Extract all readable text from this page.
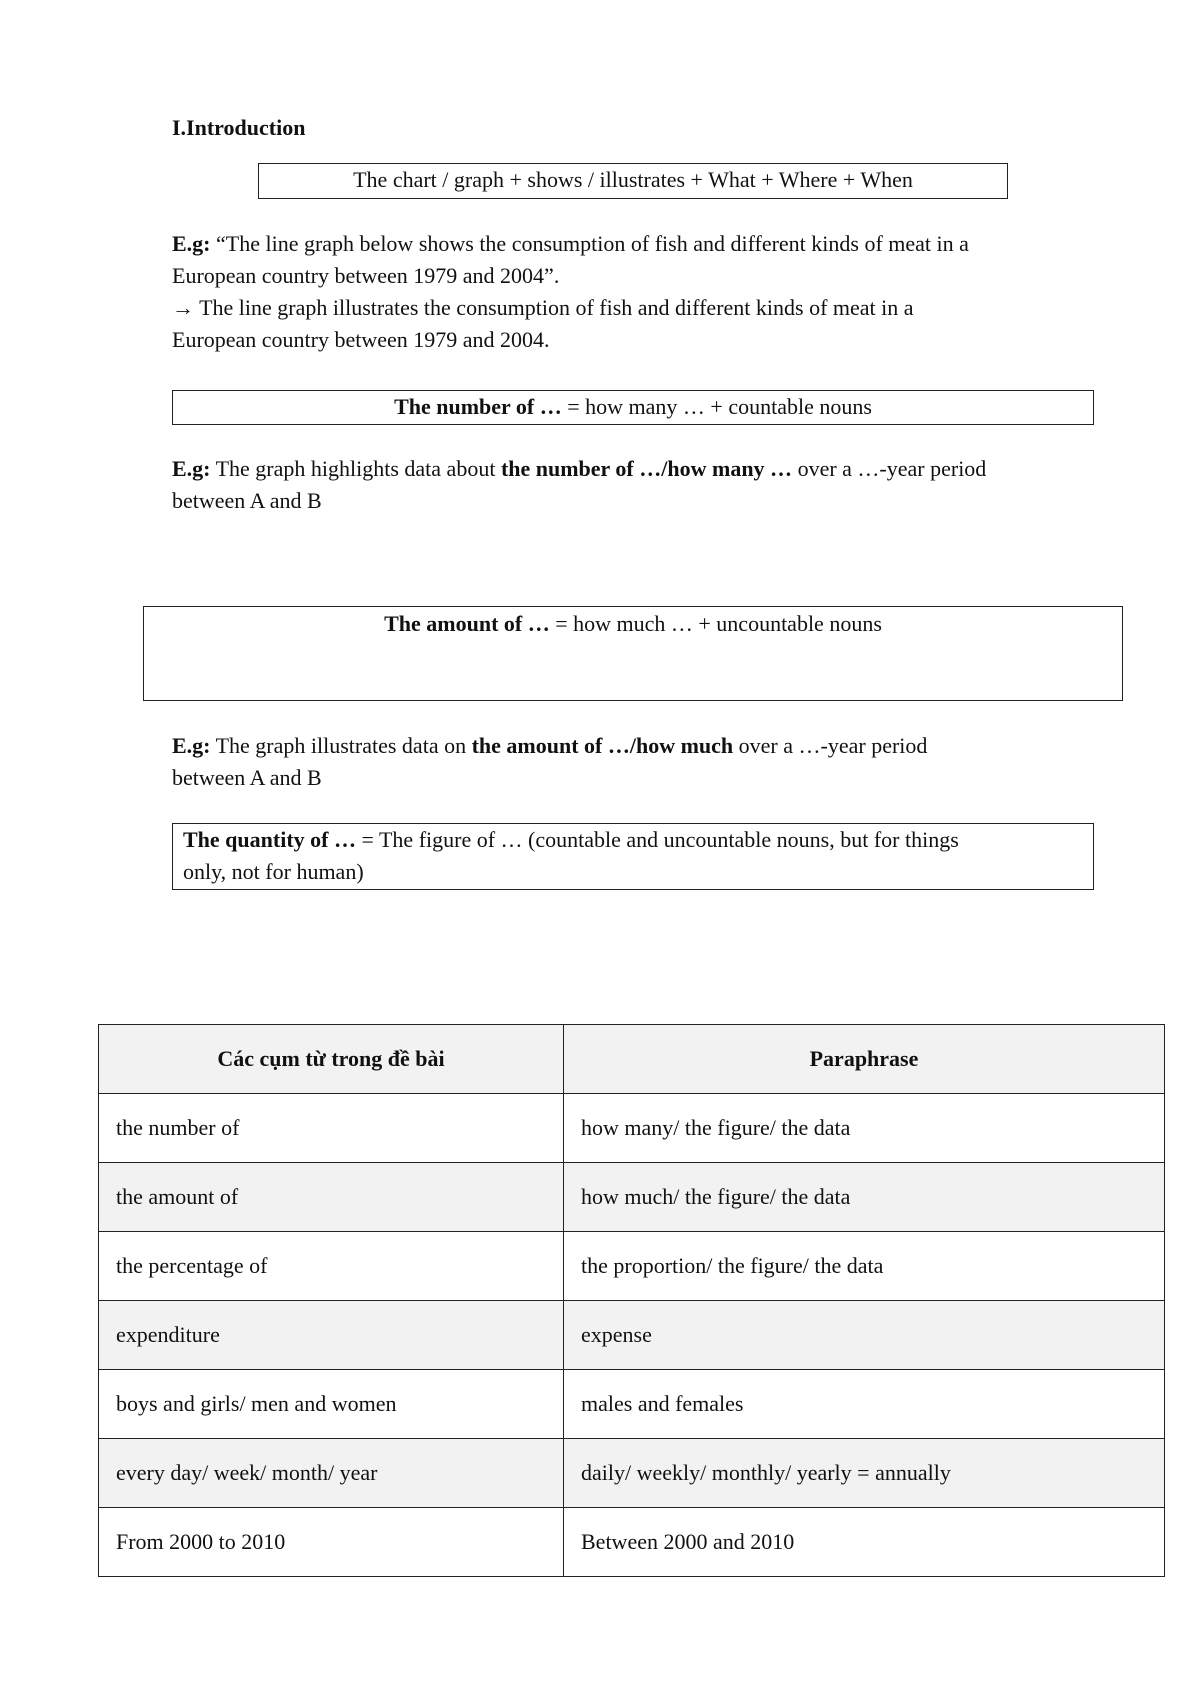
I.Introduction
The chart / graph + shows / illustrates + What + Where + When

E.g: “The line graph below shows the consumption of fish and different kinds of meat in a

European country between 1979 and 2004”.

→ The line graph illustrates the consumption of fish and different kinds of meat in a

European country between 1979 and 2004.

The number of … = how many … + countable nouns

E.g: The graph highlights data about the number of …/how many … over a …-year period

between A and B

The amount of … = how much … + uncountable nouns

E.g: The graph illustrates data on the amount of …/how much over a …-year period

between A and B

The quantity of … = The figure of … (countable and uncountable nouns, but for things
only, not for human)
Các cụm từ trong đề bài	Paraphrase
the number of	how many/ the figure/ the data
the amount of	how much/ the figure/ the data
the percentage of	the proportion/ the figure/ the data
expenditure	expense
boys and girls/ men and women	males and females
every day/ week/ month/ year	daily/ weekly/ monthly/ yearly = annually
From 2000 to 2010	Between 2000 and 2010
